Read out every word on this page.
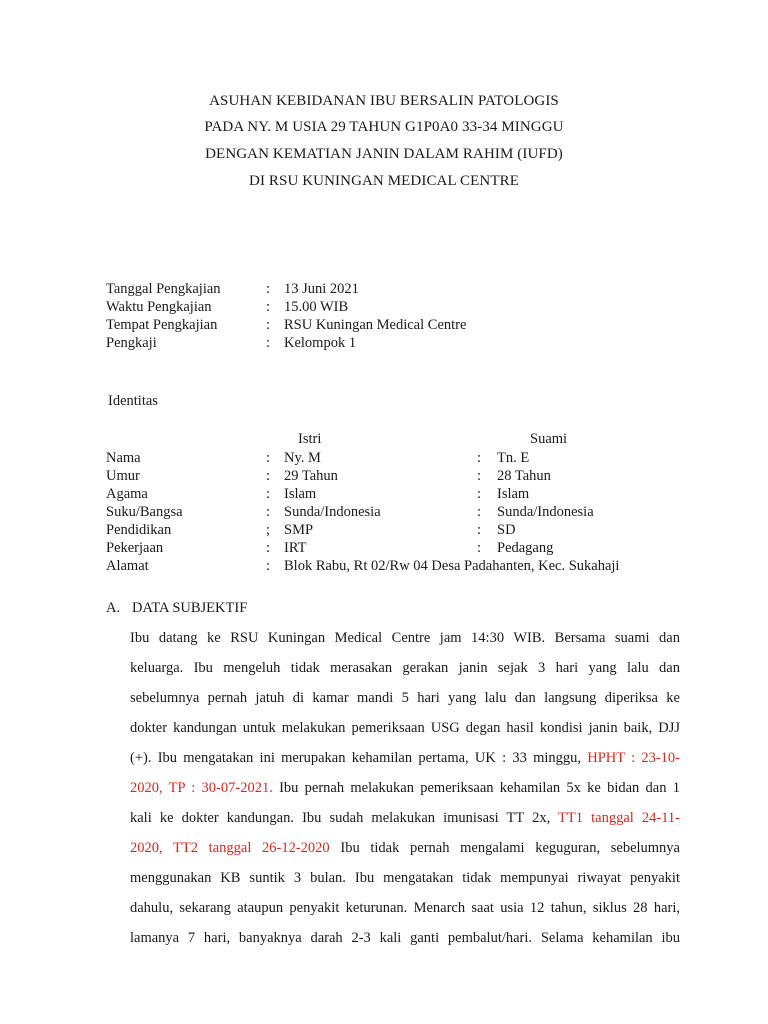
ASUHAN KEBIDANAN IBU BERSALIN PATOLOGIS
PADA NY. M USIA 29 TAHUN G1P0A0 33-34 MINGGU
DENGAN KEMATIAN JANIN DALAM RAHIM (IUFD)
DI RSU KUNINGAN MEDICAL CENTRE
Tanggal Pengkajian	: 13 Juni 2021
Waktu Pengkajian	: 15.00 WIB
Tempat Pengkajian	: RSU Kuningan Medical Centre
Pengkaji	: Kelompok 1
Identitas
Istri	Suami
Nama	: Ny. M	: Tn. E
Umur	: 29 Tahun	: 28 Tahun
Agama	: Islam	: Islam
Suku/Bangsa	: Sunda/Indonesia	: Sunda/Indonesia
Pendidikan	; SMP	: SD
Pekerjaan	: IRT	: Pedagang
Alamat	: Blok Rabu, Rt 02/Rw 04 Desa Padahanten, Kec. Sukahaji
A. DATA SUBJEKTIF
Ibu datang ke RSU Kuningan Medical Centre jam 14:30 WIB. Bersama suami dan
keluarga. Ibu mengeluh tidak merasakan gerakan janin sejak 3 hari yang lalu dan
sebelumnya pernah jatuh di kamar mandi 5 hari yang lalu dan langsung diperiksa ke
dokter kandungan untuk melakukan pemeriksaan USG degan hasil kondisi janin baik, DJJ
(+). Ibu mengatakan ini merupakan kehamilan pertama, UK : 33 minggu, HPHT : 23-10-
2020, TP : 30-07-2021. Ibu pernah melakukan pemeriksaan kehamilan 5x ke bidan dan 1
kali ke dokter kandungan. Ibu sudah melakukan imunisasi TT 2x, TT1 tanggal 24-11-
2020, TT2 tanggal 26-12-2020 Ibu tidak pernah mengalami keguguran, sebelumnya
menggunakan KB suntik 3 bulan. Ibu mengatakan tidak mempunyai riwayat penyakit
dahulu, sekarang ataupun penyakit keturunan. Menarch saat usia 12 tahun, siklus 28 hari,
lamanya 7 hari, banyaknya darah 2-3 kali ganti pembalut/hari. Selama kehamilan ibu
